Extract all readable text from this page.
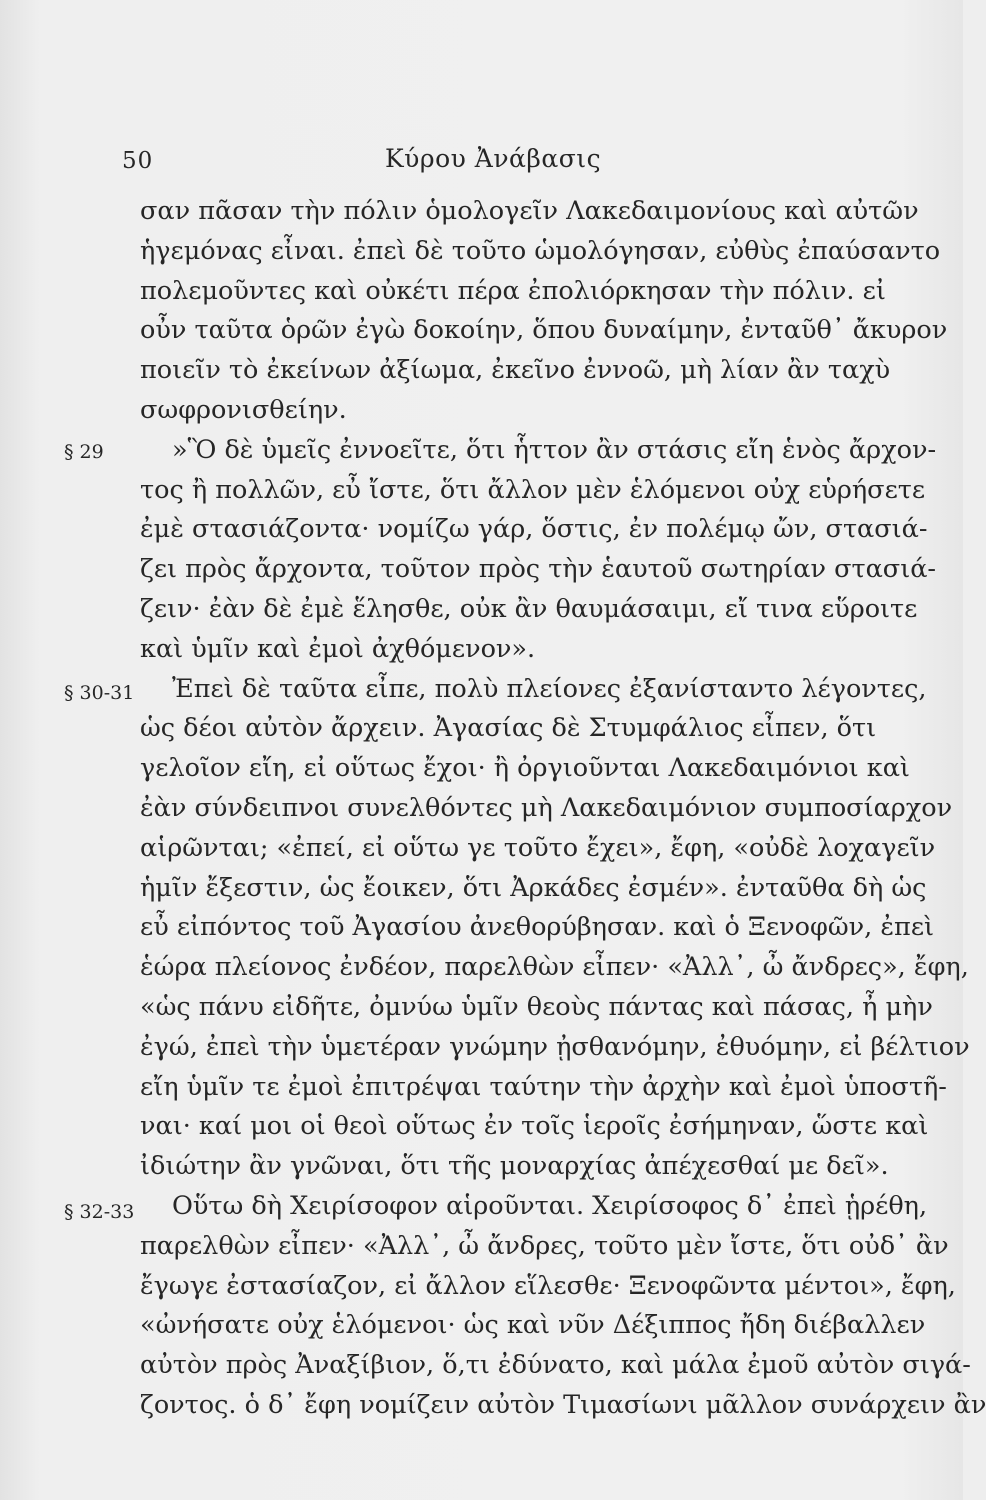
50	Κύρου Ἀνάβασις
σαν πᾶσαν τὴν πόλιν ὁμολογεῖν Λακεδαιμονίους καὶ αὐτῶν
ἡγεμόνας εἶναι. ἐπεὶ δὲ τοῦτο ὡμολόγησαν, εὐθὺς ἐπαύσαντο
πολεμοῦντες καὶ οὐκέτι πέρα ἐπολιόρκησαν τὴν πόλιν. εἰ
οὖν ταῦτα ὁρῶν ἐγὼ δοκοίην, ὅπου δυναίμην, ἐνταῦθ᾽ ἄκυρον
ποιεῖν τὸ ἐκείνων ἀξίωμα, ἐκεῖνο ἐννοῶ, μὴ λίαν ἂν ταχὺ
σωφρονισθείην.
§ 29	»Ὃ δὲ ὑμεῖς ἐννοεῖτε, ὅτι ἧττον ἂν στάσις εἴη ἑνὸς ἄρχον-
τος ἢ πολλῶν, εὖ ἴστε, ὅτι ἄλλον μὲν ἑλόμενοι οὐχ εὑρήσετε
ἐμὲ στασιάζοντα· νομίζω γάρ, ὅστις, ἐν πολέμῳ ὤν, στασιά-
ζει πρὸς ἄρχοντα, τοῦτον πρὸς τὴν ἑαυτοῦ σωτηρίαν στασιά-
ζειν· ἐὰν δὲ ἐμὲ ἕλησθε, οὐκ ἂν θαυμάσαιμι, εἴ τινα εὕροιτε
καὶ ὑμῖν καὶ ἐμοὶ ἀχθόμενον».
§ 30-31 Ἐπεὶ δὲ ταῦτα εἶπε, πολὺ πλείονες ἐξανίσταντο λέγοντες,
ὡς δέοι αὐτὸν ἄρχειν. Ἀγασίας δὲ Στυμφάλιος εἶπεν, ὅτι
γελοῖον εἴη, εἰ οὕτως ἔχοι· ἢ ὀργιοῦνται Λακεδαιμόνιοι καὶ
ἐὰν σύνδειπνοι συνελθόντες μὴ Λακεδαιμόνιον συμποσίαρχον
αἱρῶνται; «ἐπεί, εἰ οὕτω γε τοῦτο ἔχει», ἔφη, «οὐδὲ λοχαγεῖν
ἡμῖν ἔξεστιν, ὡς ἔοικεν, ὅτι Ἀρκάδες ἐσμέν». ἐνταῦθα δὴ ὡς
εὖ εἰπόντος τοῦ Ἀγασίου ἀνεθορύβησαν. καὶ ὁ Ξενοφῶν, ἐπεὶ
ἑώρα πλείονος ἐνδέον, παρελθὼν εἶπεν· «Ἀλλ᾽, ὦ ἄνδρες», ἔφη,
«ὡς πάνυ εἰδῆτε, ὀμνύω ὑμῖν θεοὺς πάντας καὶ πάσας, ἦ μὴν
ἐγώ, ἐπεὶ τὴν ὑμετέραν γνώμην ᾐσθανόμην, ἐθυόμην, εἰ βέλτιον
εἴη ὑμῖν τε ἐμοὶ ἐπιτρέψαι ταύτην τὴν ἀρχὴν καὶ ἐμοὶ ὑποστῆ-
ναι· καί μοι οἱ θεοὶ οὕτως ἐν τοῖς ἱεροῖς ἐσήμηναν, ὥστε καὶ
ἰδιώτην ἂν γνῶναι, ὅτι τῆς μοναρχίας ἀπέχεσθαί με δεῖ».
§ 32-33 Οὕτω δὴ Χειρίσοφον αἱροῦνται. Χειρίσοφος δ᾽ ἐπεὶ ᾑρέθη,
παρελθὼν εἶπεν· «Ἀλλ᾽, ὦ ἄνδρες, τοῦτο μὲν ἴστε, ὅτι οὐδ᾽ ἂν
ἔγωγε ἐστασίαζον, εἰ ἄλλον εἵλεσθε· Ξενοφῶντα μέντοι», ἔφη,
«ὠνήσατε οὐχ ἑλόμενοι· ὡς καὶ νῦν Δέξιππος ἤδη διέβαλλεν
αὐτὸν πρὸς Ἀναξίβιον, ὅ,τι ἐδύνατο, καὶ μάλα ἐμοῦ αὐτὸν σιγά-
ζοντος. ὁ δ᾽ ἔφη νομίζειν αὐτὸν Τιμασίωνι μᾶλλον συνάρχειν ἂν
